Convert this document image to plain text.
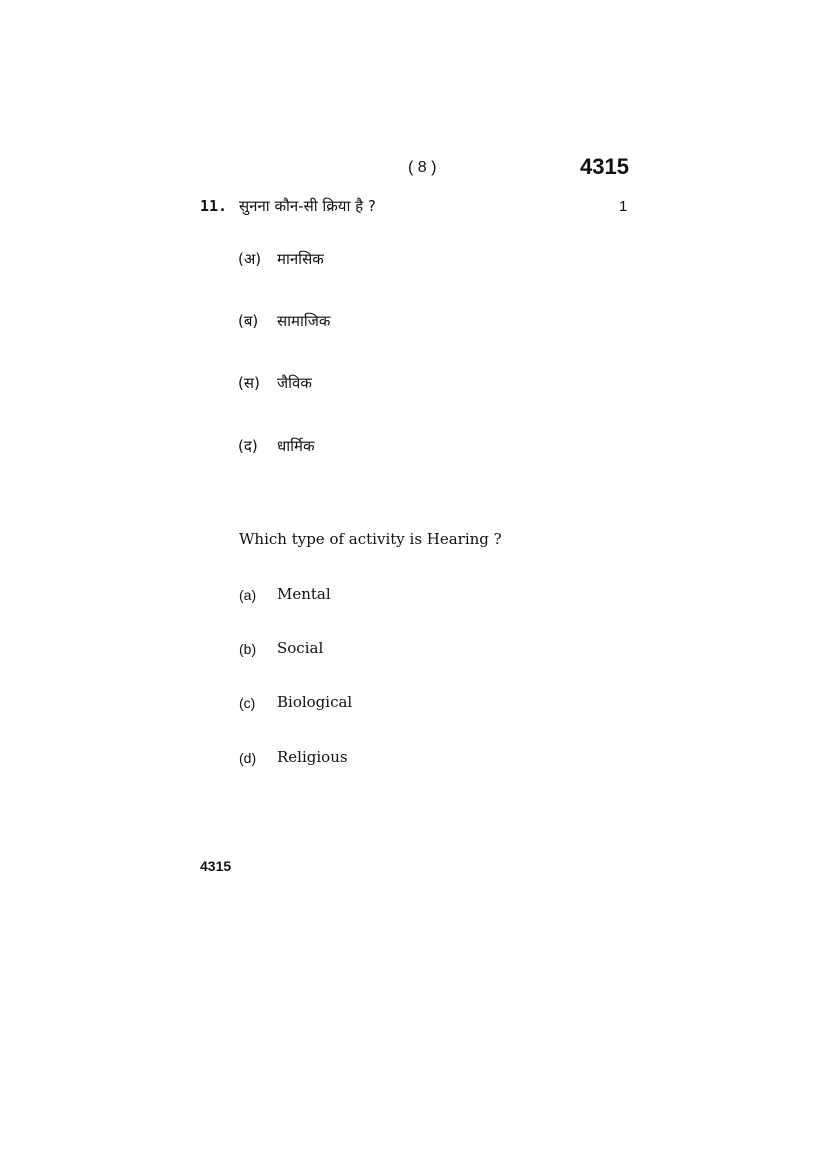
( 8 )	4315
11. सुनना कौन-सी क्रिया है ?	1
(अ) मानसिक
(ब) सामाजिक
(स) जैविक
(द) धार्मिक
Which type of activity is Hearing ?
(a) Mental
(b) Social
(c) Biological
(d) Religious
4315
